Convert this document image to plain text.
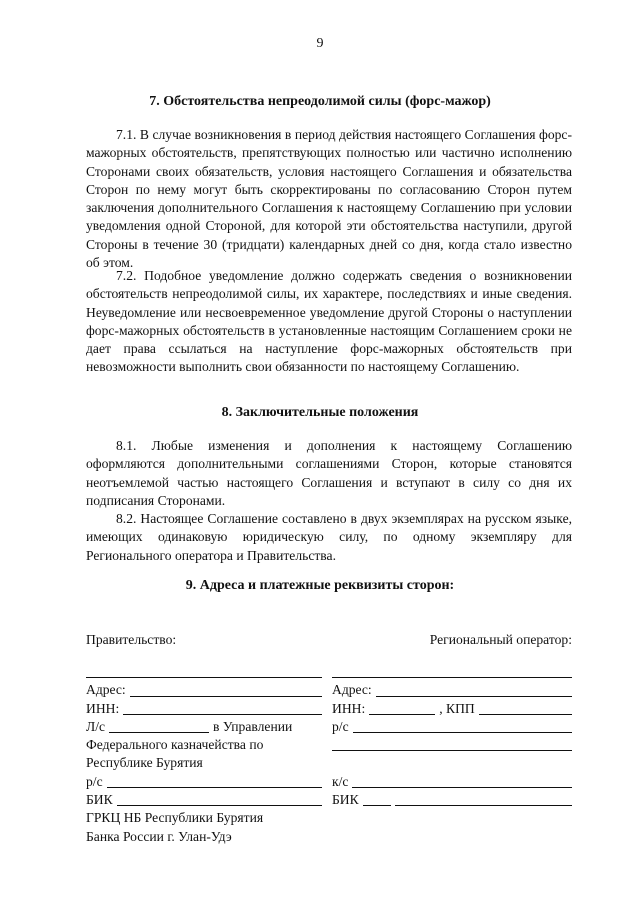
9
7. Обстоятельства непреодолимой силы (форс-мажор)

7.1. В случае возникновения в период действия настоящего Соглашения форс-мажорных обстоятельств, препятствующих полностью или частично исполнению Сторонами своих обязательств, условия настоящего Соглашения и обязательства Сторон по нему могут быть скорректированы по согласованию Сторон путем заключения дополнительного Соглашения к настоящему Соглашению при условии уведомления одной Стороной, для которой эти обстоятельства наступили, другой Стороны в течение 30 (тридцати) календарных дней со дня, когда стало известно об этом.

7.2. Подобное уведомление должно содержать сведения о возникновении обстоятельств непреодолимой силы, их характере, последствиях и иные сведения. Неуведомление или несвоевременное уведомление другой Стороны о наступлении форс-мажорных обстоятельств в установленные настоящим Соглашением сроки не дает права ссылаться на наступление форс-мажорных обстоятельств при невозможности выполнить свои обязанности по настоящему Соглашению.

8. Заключительные положения

8.1. Любые изменения и дополнения к настоящему Соглашению оформляются дополнительными соглашениями Сторон, которые становятся неотъемлемой частью настоящего Соглашения и вступают в силу со дня их подписания Сторонами.

8.2. Настоящее Соглашение составлено в двух экземплярах на русском языке, имеющих одинаковую юридическую силу, по одному экземпляру для Регионального оператора и Правительства.

9. Адреса и платежные реквизиты сторон:
Правительство:
Адрес:
ИНН:
Л/с	в Управлении
Федерального казначейства по
Республике Бурятия
р/с
БИК
ГРКЦ НБ Республики Бурятия
Банка России г. Улан-Удэ
Региональный оператор:
Адрес:
ИНН:	, КПП
р/с
к/с
БИК
